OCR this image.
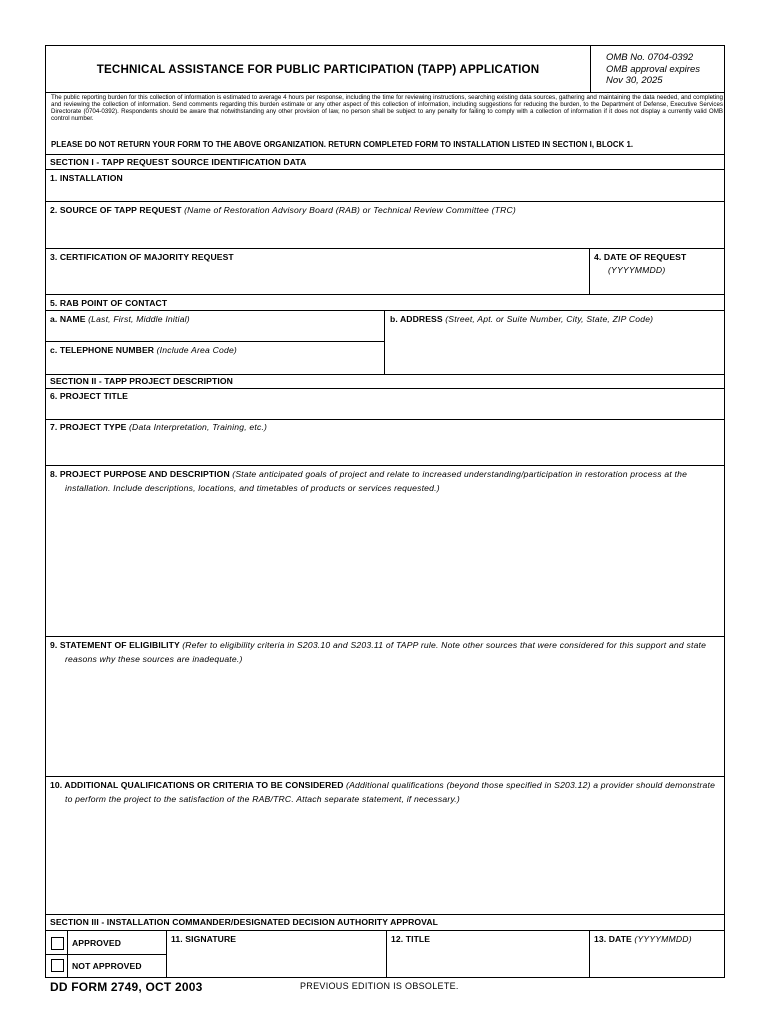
TECHNICAL ASSISTANCE FOR PUBLIC PARTICIPATION (TAPP) APPLICATION
OMB No. 0704-0392
OMB approval expires
Nov 30, 2025
The public reporting burden for this collection of information is estimated to average 4 hours per response, including the time for reviewing instructions, searching existing data sources, gathering and maintaining the data needed, and completing and reviewing the collection of information. Send comments regarding this burden estimate or any other aspect of this collection of information, including suggestions for reducing the burden, to the Department of Defense, Executive Services Directorate (0704-0392). Respondents should be aware that notwithstanding any other provision of law, no person shall be subject to any penalty for failing to comply with a collection of information if it does not display a currently valid OMB control number.
PLEASE DO NOT RETURN YOUR FORM TO THE ABOVE ORGANIZATION. RETURN COMPLETED FORM TO INSTALLATION LISTED IN SECTION I, BLOCK 1.
SECTION I - TAPP REQUEST SOURCE IDENTIFICATION DATA
1. INSTALLATION
2. SOURCE OF TAPP REQUEST (Name of Restoration Advisory Board (RAB) or Technical Review Committee (TRC)
3. CERTIFICATION OF MAJORITY REQUEST	4. DATE OF REQUEST
(YYYYMMDD)
5. RAB POINT OF CONTACT
a. NAME (Last, First, Middle Initial)	b. ADDRESS (Street, Apt. or Suite Number, City, State, ZIP Code)
c. TELEPHONE NUMBER (Include Area Code)
SECTION II - TAPP PROJECT DESCRIPTION
6. PROJECT TITLE
7. PROJECT TYPE (Data Interpretation, Training, etc.)
8. PROJECT PURPOSE AND DESCRIPTION (State anticipated goals of project and relate to increased understanding/participation in restoration process at the installation. Include descriptions, locations, and timetables of products or services requested.)
9. STATEMENT OF ELIGIBILITY (Refer to eligibility criteria in S203.10 and S203.11 of TAPP rule. Note other sources that were considered for this support and state reasons why these sources are inadequate.)
10. ADDITIONAL QUALIFICATIONS OR CRITERIA TO BE CONSIDERED (Additional qualifications (beyond those specified in S203.12) a provider should demonstrate to perform the project to the satisfaction of the RAB/TRC. Attach separate statement, if necessary.)
SECTION III - INSTALLATION COMMANDER/DESIGNATED DECISION AUTHORITY APPROVAL
APPROVED
NOT APPROVED
11. SIGNATURE	12. TITLE	13. DATE (YYYYMMDD)
DD FORM 2749, OCT 2003	PREVIOUS EDITION IS OBSOLETE.
